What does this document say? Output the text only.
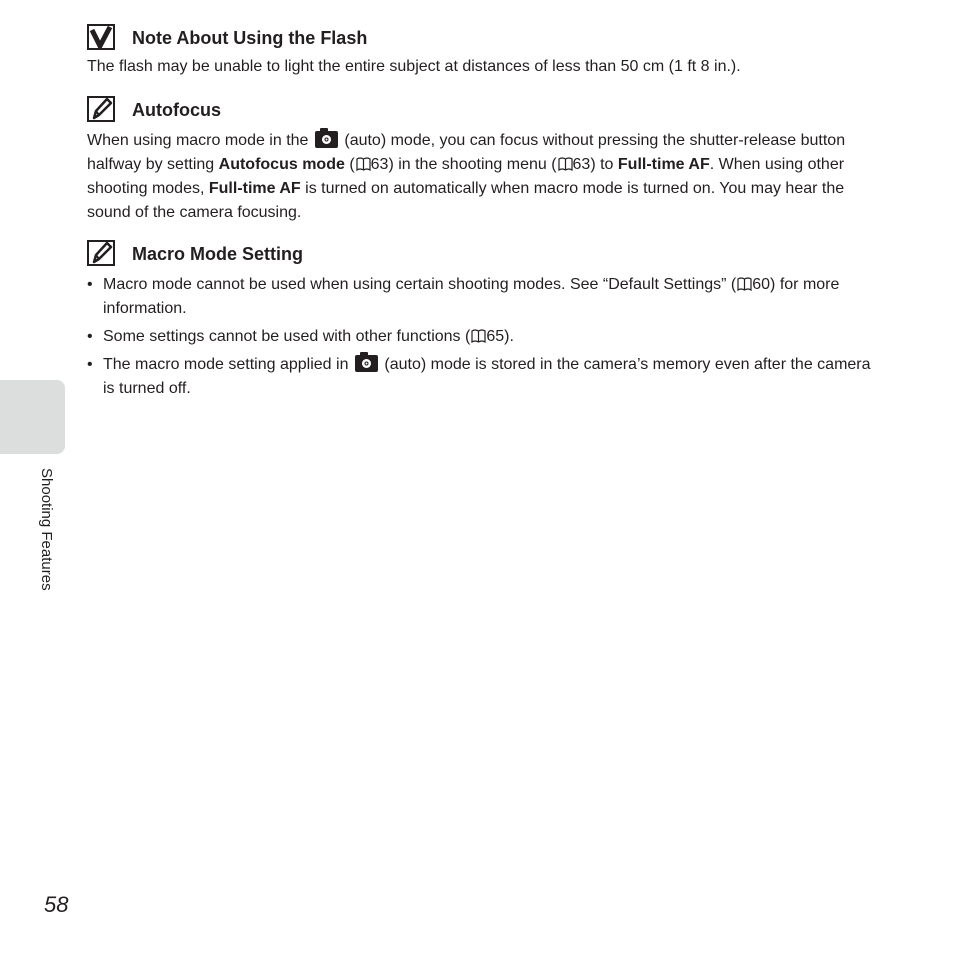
Note About Using the Flash

The flash may be unable to light the entire subject at distances of less than 50 cm (1 ft 8 in.).

Autofocus

When using macro mode in the (auto) mode, you can focus without pressing the shutter-release button halfway by setting Autofocus mode ( 63) in the shooting menu ( 63) to Full-time AF. When using other shooting modes, Full-time AF is turned on automatically when macro mode is turned on. You may hear the sound of the camera focusing.

Macro Mode Setting
• Macro mode cannot be used when using certain shooting modes. See “Default Settings” ( 60) for more information.
• Some settings cannot be used with other functions ( 65).
• The macro mode setting applied in (auto) mode is stored in the camera’s memory even after the camera is turned off.
Shooting Features
58
